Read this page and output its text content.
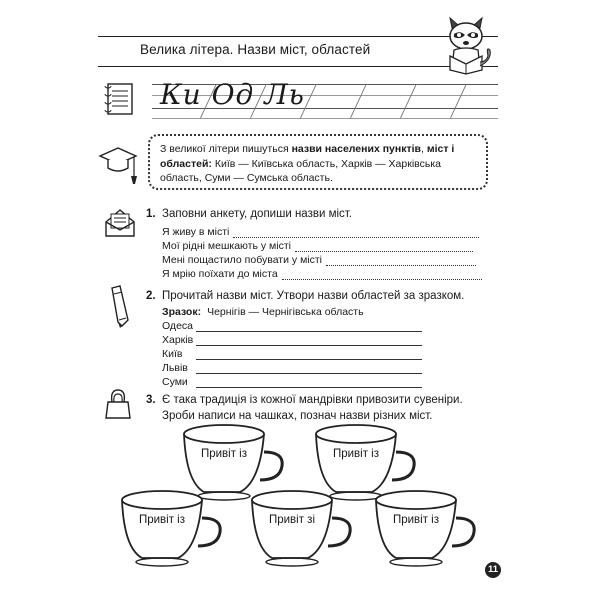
Велика літера. Назви міст, областей
Ки Од Ль
З великої літери пишуться назви населених пунктів, міст і областей: Київ — Київська область, Харків — Харківська область, Суми — Сумська область.
1. Заповни анкету, допиши назви міст.
Я живу в місті
Мої рідні мешкають у місті
Мені пощастило побувати у місті
Я мрію поїхати до міста
2. Прочитай назви міст. Утвори назви областей за зразком.
Зразок: Чернігів — Чернігівська область
Одеса
Харків
Київ
Львів
Суми
3. Є така традиція із кожної мандрівки привозити сувеніри.
Зроби написи на чашках, познач назви різних міст.
Привіт із	Привіт із
Привіт із	Привіт зі	Привіт із
11
